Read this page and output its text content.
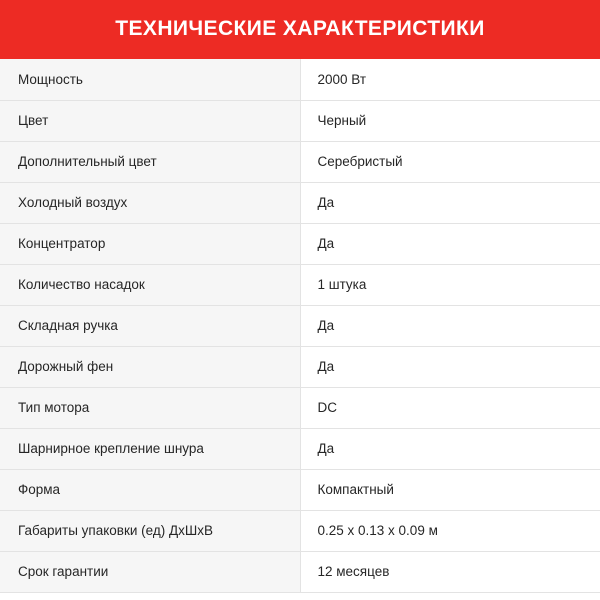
ТЕХНИЧЕСКИЕ ХАРАКТЕРИСТИКИ
Мощность	2000 Вт
Цвет	Черный
Дополнительный цвет	Серебристый
Холодный воздух	Да
Концентратор	Да
Количество насадок	1 штука
Складная ручка	Да
Дорожный фен	Да
Тип мотора	DC
Шарнирное крепление шнура	Да
Форма	Компактный
Габариты упаковки (ед) ДхШхВ	0.25 x 0.13 x 0.09 м
Срок гарантии	12 месяцев
